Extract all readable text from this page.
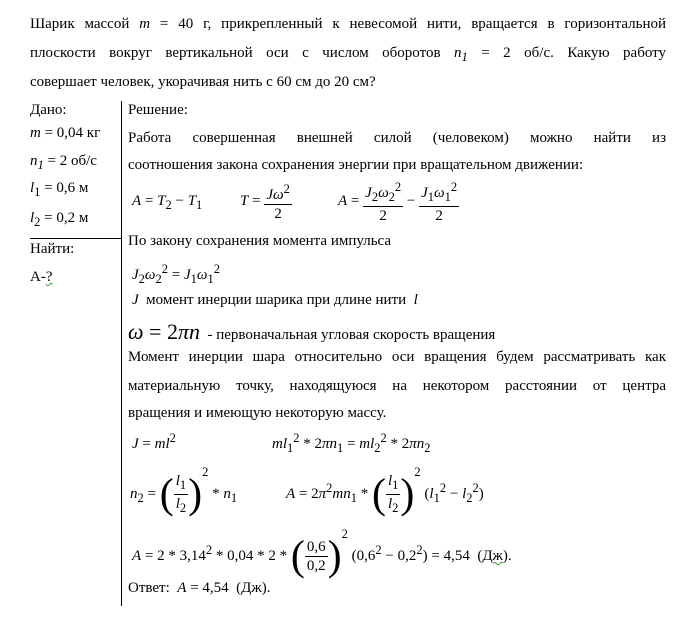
Шарик массой m = 40 г, прикрепленный к невесомой нити, вращается в горизонтальной
плоскости вокруг вертикальной оси с числом оборотов $n_1 = 2$ об/с. Какую работу
совершает человек, укорачивая нить с 60 см до 20 см?
Дано:
m = 0,04 кг
$n_1 = 2$ об/с
$l_1 = 0,6$ м
$l_2 = 0,2$ м
Найти:
А-?
Решение:
Работа совершенная внешней силой (человеком) можно найти из
соотношения закона сохранения энергии при вращательном движении:
$A = T_2 - T_1$	$T = \frac{J\omega^2}{2}$	$A = \frac{J_2\omega_2^2}{2} - \frac{J_1\omega_1^2}{2}$
По закону сохранения момента импульса
$J_2\omega_2^2 = J_1\omega_1^2$
J  момент инерции шарика при длине нити  l
ω = 2πn  - первоначальная угловая скорость вращения
Момент инерции шара относительно оси вращения будем рассматривать как
материальную точку, находящуюся на некотором расстоянии от центра
вращения и имеющую некоторую массу.
$J = ml^2$	$ml_1^2 * 2\pi n_1 = ml_2^2 * 2\pi n_2$
$n_2$ = ( $\frac{l_1}{l_2} )^2 * n_1$	$A = 2\pi^2mn_1$ * ( $\frac{l_1}{l_2} )^2$ $(l_1^2 - l_2^2)$
A = 2 * 3,14$^2$ * 0,04 * 2 * ( $\frac{0,6}{0,2} )^2$ $(0,6^2 - 0,2^2) = 4,54$  (Дж).
Ответ:  A = 4,54  (Дж).
